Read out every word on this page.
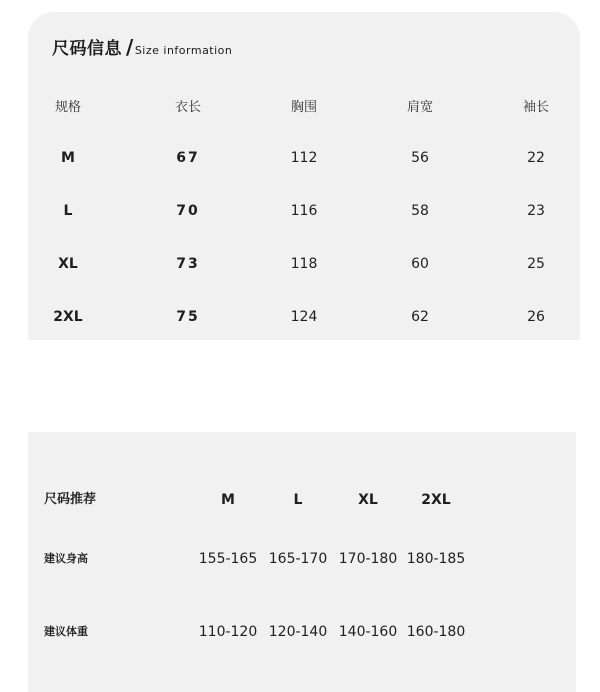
尺码信息 /Size information
规格	衣长	胸围	肩宽	袖长
M	67	112	56	22
L	70	116	58	23
XL	73	118	60	25
2XL	75	124	62	26
尺码推荐	M	L	XL	2XL
建议身高	155-165 165-170 170-180 180-185
建议体重	110-120 120-140 140-160 160-180
